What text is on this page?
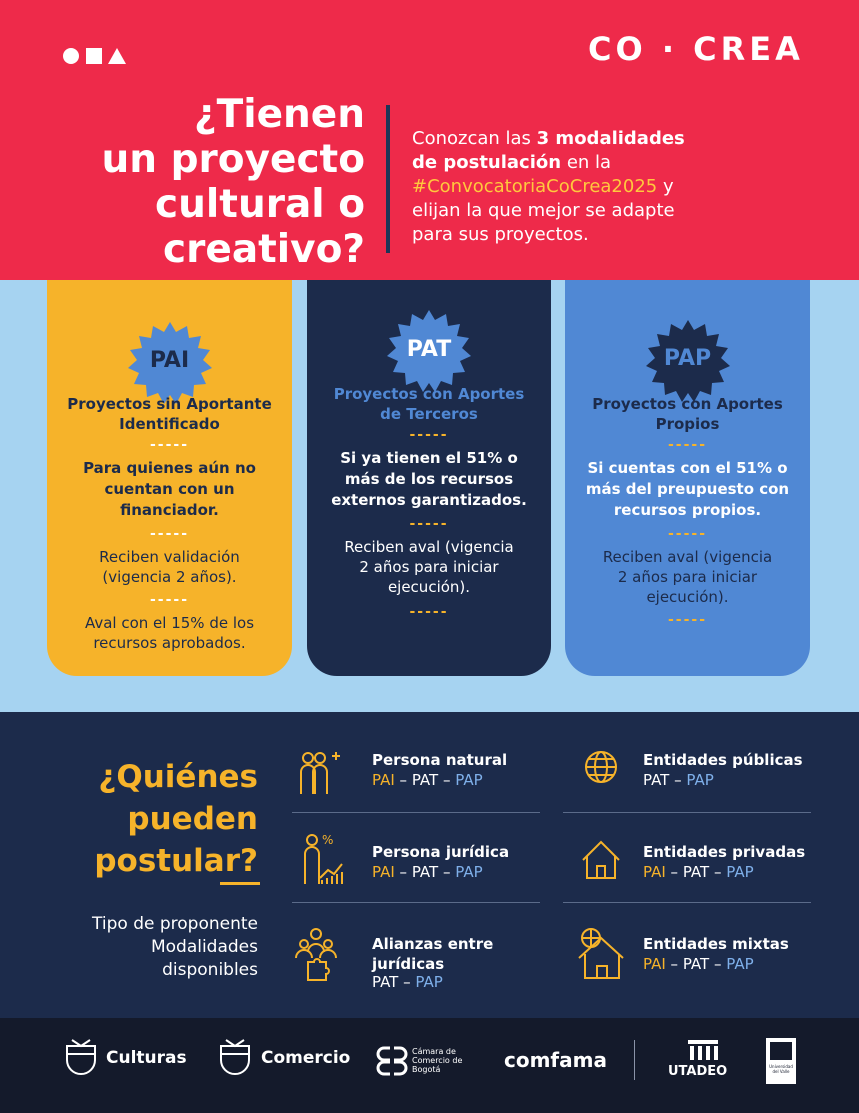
CO · CREA
¿Tienen
un proyecto
cultural o
creativo?
Conozcan las 3 modalidades
de postulación en la
#ConvocatoriaCoCrea2025 y
elijan la que mejor se adapte
para sus proyectos.
PAI
Proyectos sin Aportante Identificado
-----
Para quienes aún no cuentan con un financiador.
-----
Reciben validación (vigencia 2 años).
-----
Aval con el 15% de los recursos aprobados.
PAT
Proyectos con Aportes de Terceros
-----
Si ya tienen el 51% o más de los recursos externos garantizados.
-----
Reciben aval (vigencia 2 años para iniciar ejecución).
-----
PAP
Proyectos con Aportes Propios
-----
Si cuentas con el 51% o más del preupuesto con recursos propios.
-----
Reciben aval (vigencia 2 años para iniciar ejecución).
-----
¿Quiénes
pueden
postular?
Tipo de proponente
Modalidades
disponibles
Persona natural
PAI – PAT – PAP
Entidades públicas
PAT – PAP
%
Persona jurídica
PAI – PAT – PAP
Entidades privadas
PAI – PAT – PAP
Alianzas entre jurídicas
PAT – PAP
Entidades mixtas
PAI – PAT – PAP
Culturas	Comercio	Cámara de Comercio de Bogotá	comfama	UTADEO	Universidad del Valle
